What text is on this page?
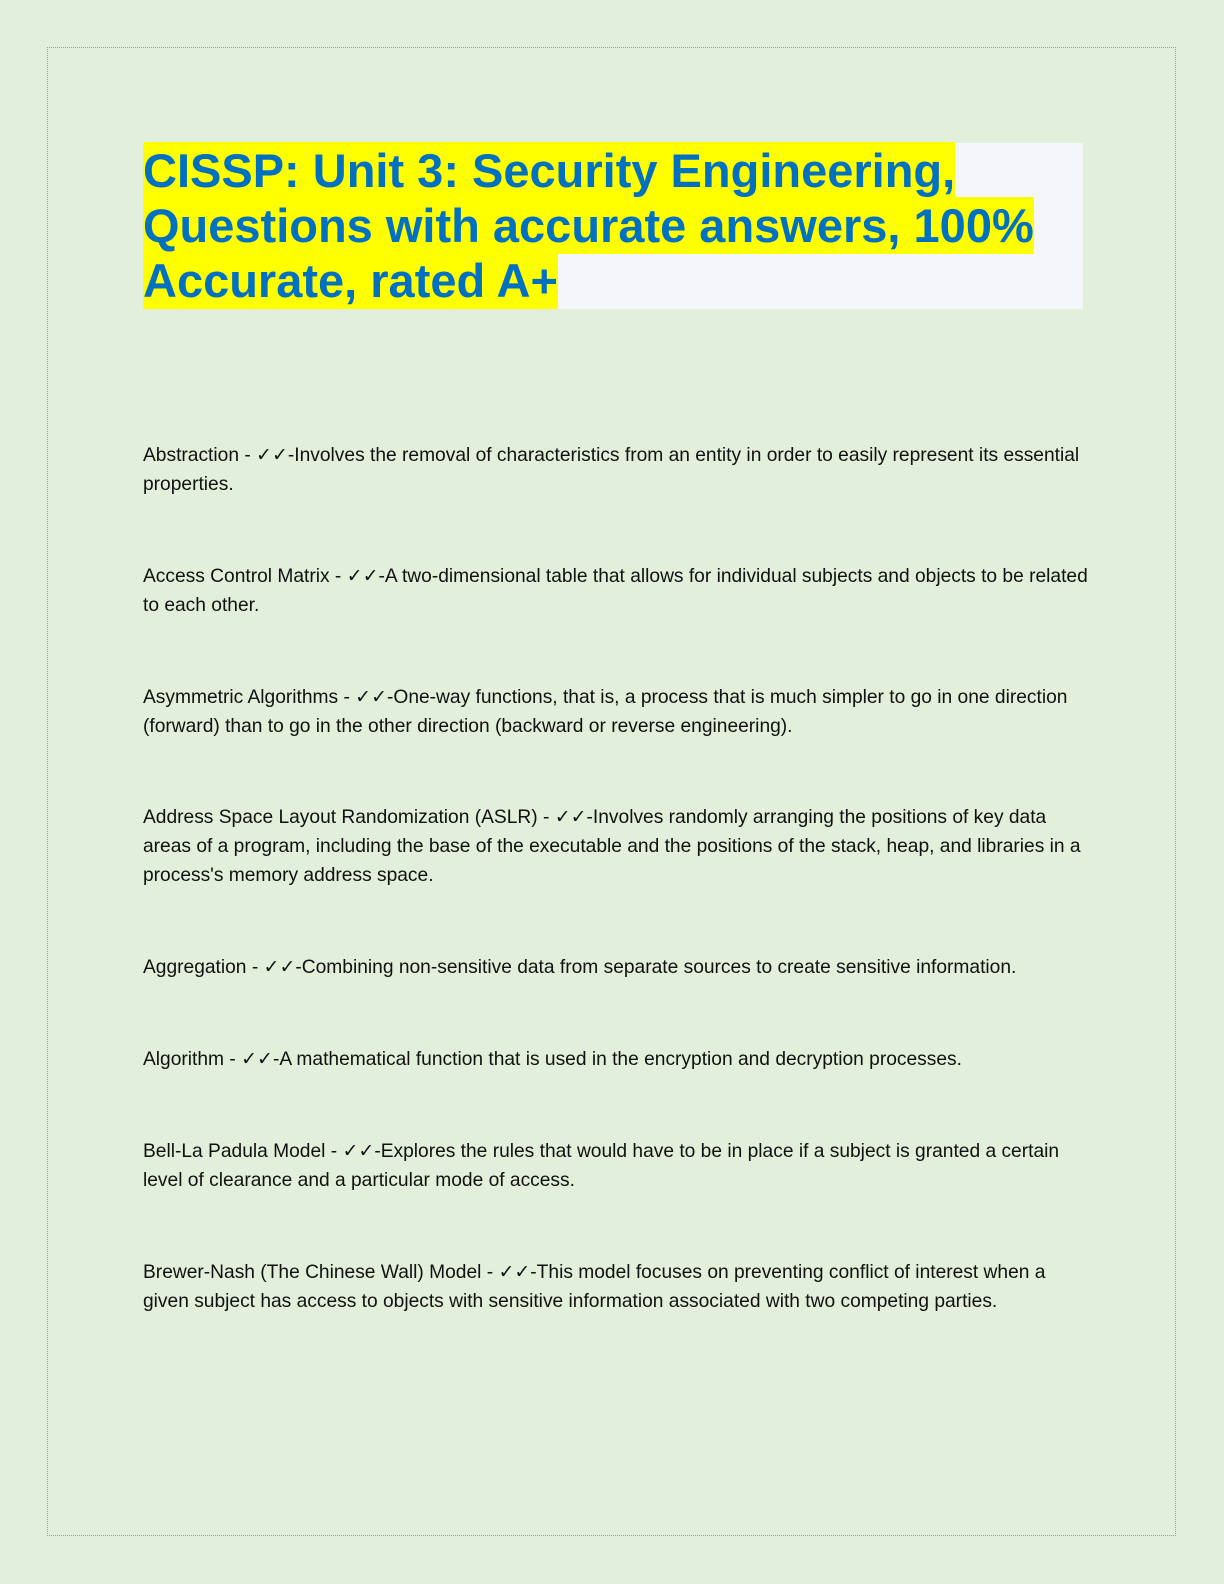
CISSP: Unit 3: Security Engineering, Questions with accurate answers, 100% Accurate, rated A+

Abstraction - ✓✓-Involves the removal of characteristics from an entity in order to easily represent its essential properties.

Access Control Matrix - ✓✓-A two-dimensional table that allows for individual subjects and objects to be related to each other.

Asymmetric Algorithms - ✓✓-One-way functions, that is, a process that is much simpler to go in one direction (forward) than to go in the other direction (backward or reverse engineering).

Address Space Layout Randomization (ASLR) - ✓✓-Involves randomly arranging the positions of key data areas of a program, including the base of the executable and the positions of the stack, heap, and libraries in a process's memory address space.

Aggregation - ✓✓-Combining non-sensitive data from separate sources to create sensitive information.

Algorithm - ✓✓-A mathematical function that is used in the encryption and decryption processes.

Bell-La Padula Model - ✓✓-Explores the rules that would have to be in place if a subject is granted a certain level of clearance and a particular mode of access.

Brewer-Nash (The Chinese Wall) Model - ✓✓-This model focuses on preventing conflict of interest when a given subject has access to objects with sensitive information associated with two competing parties.
